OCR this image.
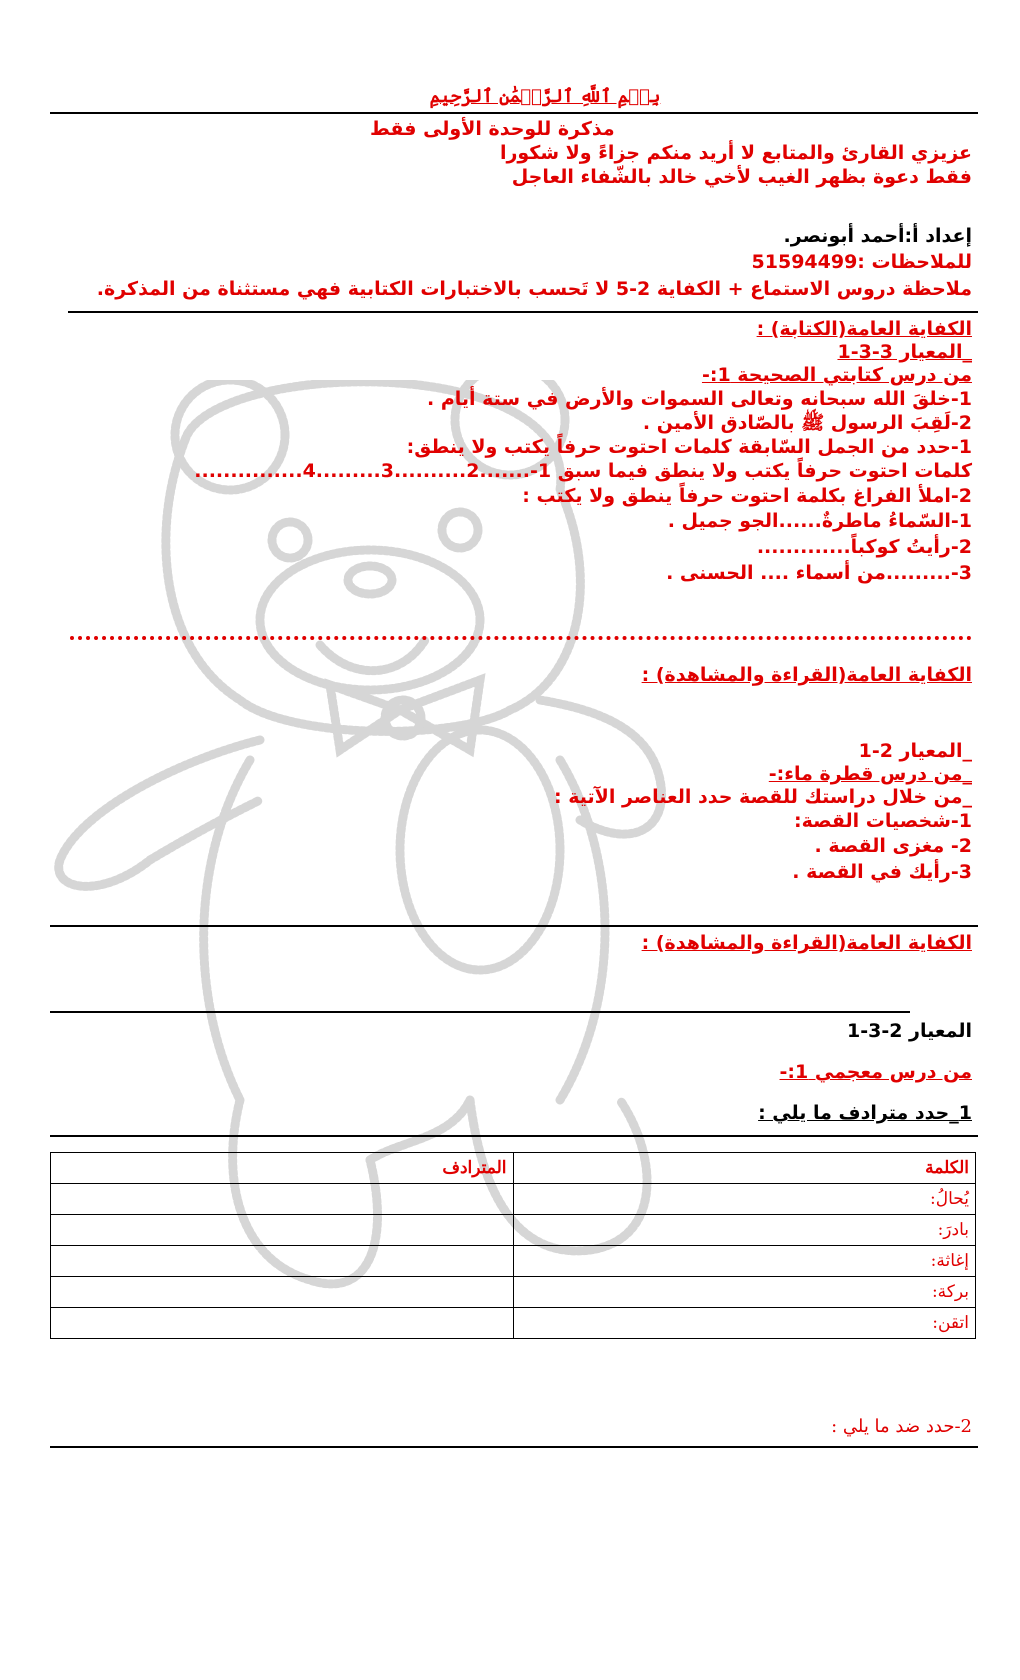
بِسۡمِ ٱللَّهِ ٱلرَّحۡمَٰنِ ٱلرَّحِيمِ
مذكرة للوحدة الأولى فقط
عزيزي القارئ والمتابع لا أريد منكم جزاءً ولا شكورا
فقط دعوة بظهر الغيب لأخي خالد بالشّفاء العاجل
إعداد أ:أحمد أبونصر.
للملاحظات :51594499
ملاحظة دروس الاستماع + الكفاية 2-5 لا تَحسب بالاختبارات الكتابية فهي مستثناة من المذكرة.
الكفاية العامة(الكتابة) :
_المعيار 3-3-1
من درس كتابتي الصحيحة 1:-
1-خلقَ الله سبحانه وتعالى السموات والأرض في ستة أيام .
2-لَقِبَ الرسول ﷺ بالصّادق الأمين .
1-حدد من الجمل السّابقة كلمات احتوت حرفاً يكتب ولا ينطق:
كلمات احتوت حرفاً يكتب ولا ينطق فيما سبق 1-.......2..........3.........4...............
2-املأ الفراغ بكلمة احتوت حرفاً ينطق ولا يكتب :
1-السّماءُ ماطرةٌ......الجو جميل .
2-رأيتُ كوكباً.............
3-.........من أسماء .... الحسنى .
الكفاية العامة(القراءة والمشاهدة) :
_المعيار 2-1
_من درس قطرة ماء:-
_من خلال دراستك للقصة حدد العناصر الآتية :
1-شخصيات القصة:
2- مغزى القصة .
3-رأيك في القصة .
الكفاية العامة(القراءة والمشاهدة) :
المعيار 2-3-1
من درس معجمي 1:-
1_حدد مترادف ما يلي :
الكلمة	المترادف
يُحالُ:	
بادرَ:	
إغاثة:	
بركة:	
اتقن:	
2-حدد ضد ما يلي :
